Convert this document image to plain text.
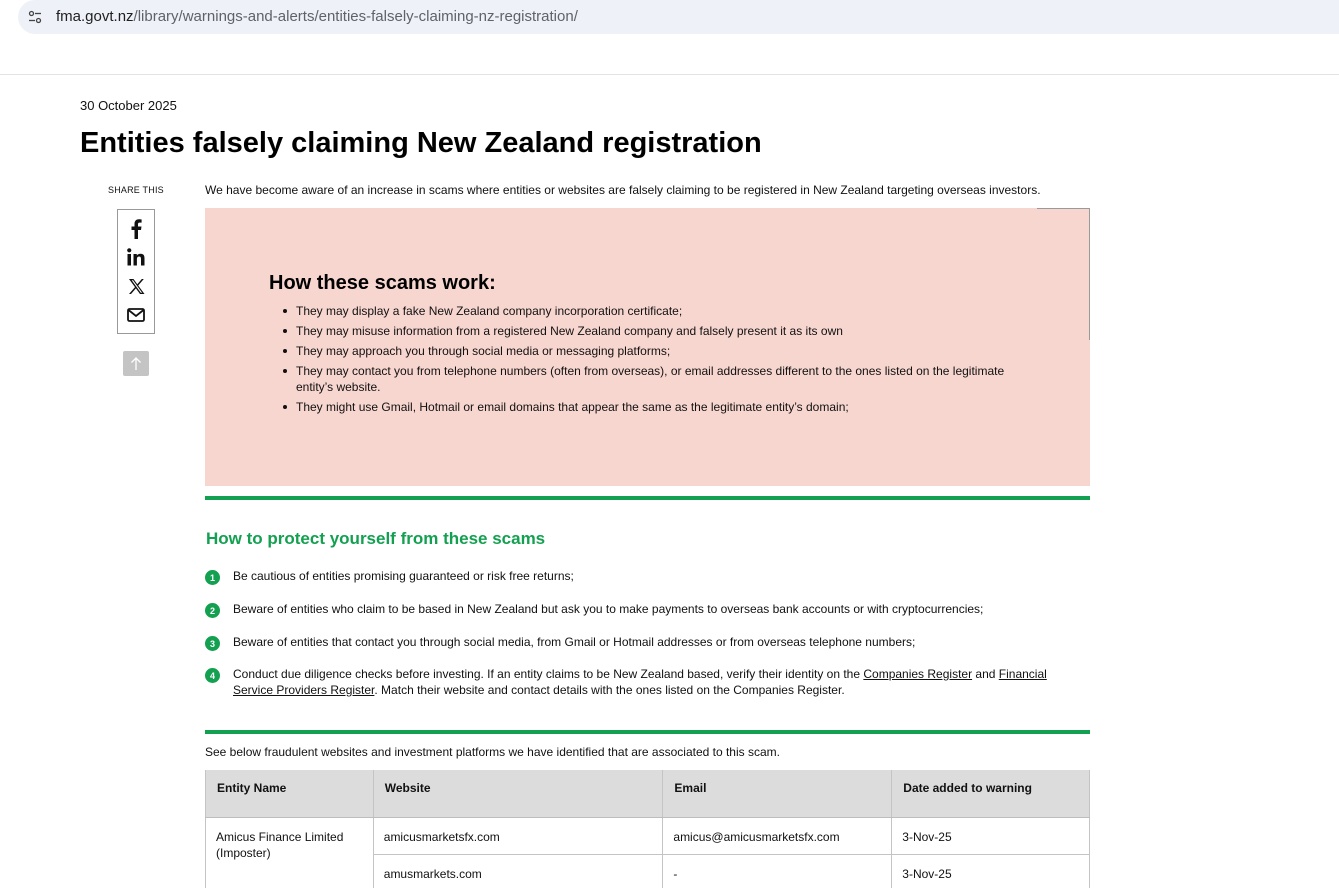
fma.govt.nz/library/warnings-and-alerts/entities-falsely-claiming-nz-registration/
30 October 2025
Entities falsely claiming New Zealand registration
SHARE THIS	We have become aware of an increase in scams where entities or websites are falsely claiming to be registered in New Zealand targeting overseas investors.
How these scams work:
They may display a fake New Zealand company incorporation certificate;
They may misuse information from a registered New Zealand company and falsely present it as its own
They may approach you through social media or messaging platforms;
They may contact you from telephone numbers (often from overseas), or email addresses different to the ones listed on the legitimate entity’s website.
They might use Gmail, Hotmail or email domains that appear the same as the legitimate entity’s domain;
How to protect yourself from these scams
1	Be cautious of entities promising guaranteed or risk free returns;
2	Beware of entities who claim to be based in New Zealand but ask you to make payments to overseas bank accounts or with cryptocurrencies;
3	Beware of entities that contact you through social media, from Gmail or Hotmail addresses or from overseas telephone numbers;
4	Conduct due diligence checks before investing. If an entity claims to be New Zealand based, verify their identity on the Companies Register and Financial Service Providers Register. Match their website and contact details with the ones listed on the Companies Register.
See below fraudulent websites and investment platforms we have identified that are associated to this scam.
Entity Name	Website	Email	Date added to warning
Amicus Finance Limited (Imposter)	amicusmarketsfx.com	amicus@amicusmarketsfx.com	3-Nov-25
	amusmarkets.com	-	3-Nov-25
